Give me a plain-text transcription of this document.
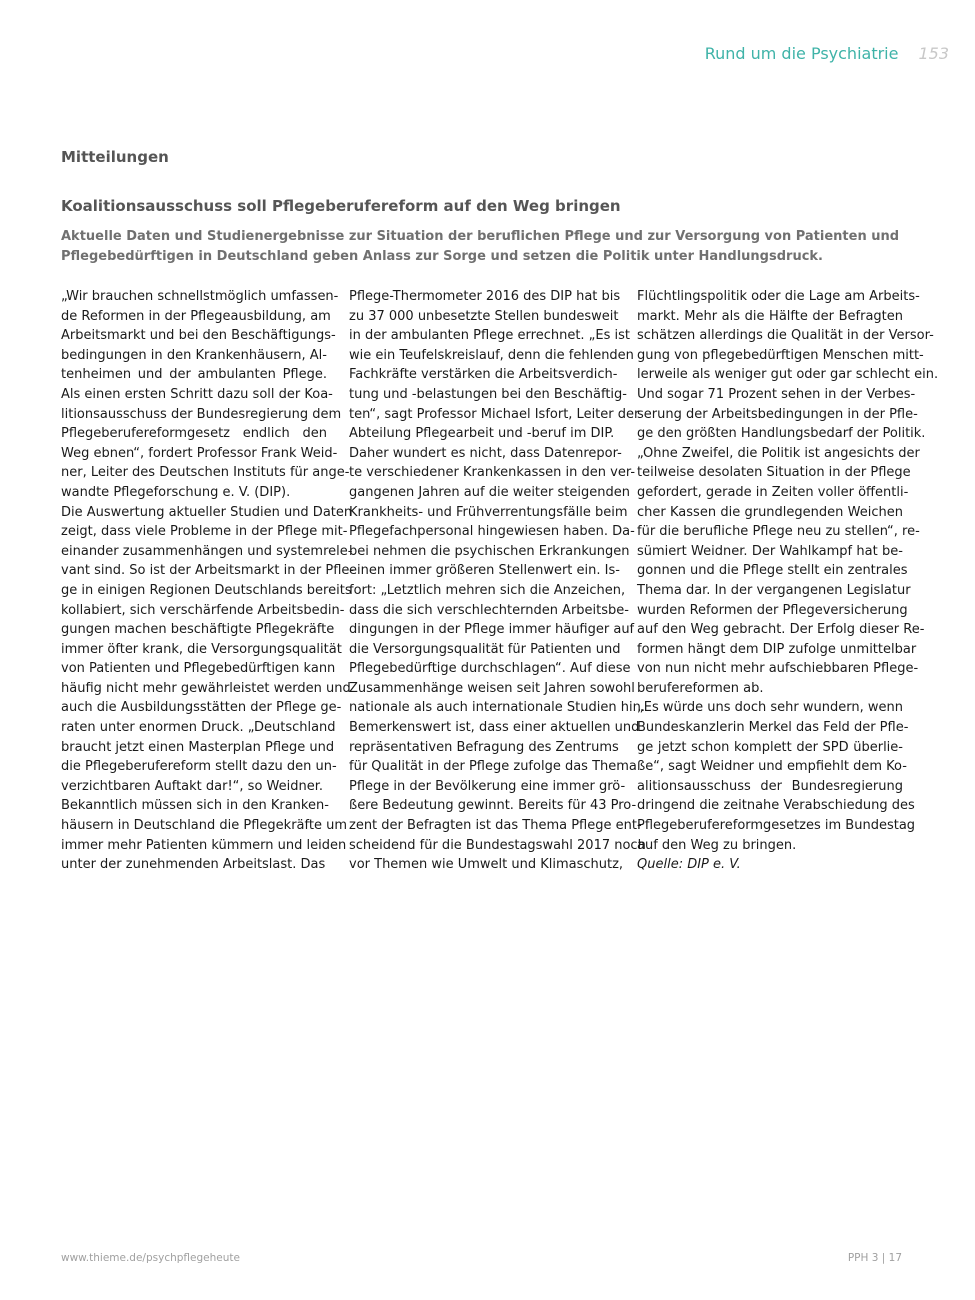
Rund um die Psychiatrie 153
Mitteilungen
Koalitionsausschuss soll Pflegeberufereform auf den Weg bringen

Aktuelle Daten und Studienergebnisse zur Situation der beruflichen Pflege und zur Versorgung von Patienten und Pflegebedürftigen in Deutschland geben Anlass zur Sorge und setzen die Politik unter Handlungsdruck.

„Wir brauchen schnellstmöglich umfassen-
de Reformen in der Pflegeausbildung, am
Arbeitsmarkt und bei den Beschäftigungs-
bedingungen in den Krankenhäusern, Al-
tenheimen und der ambulanten Pflege.
Als einen ersten Schritt dazu soll der Koa-
litionsausschuss der Bundesregierung dem
Pflegeberufereformgesetz endlich den
Weg ebnen“, fordert Professor Frank Weid-
ner, Leiter des Deutschen Instituts für ange-
wandte Pflegeforschung e. V. (DIP).
Die Auswertung aktueller Studien und Daten
zeigt, dass viele Probleme in der Pflege mit-
einander zusammenhängen und systemrele-
vant sind. So ist der Arbeitsmarkt in der Pfle-
ge in einigen Regionen Deutschlands bereits
kollabiert, sich verschärfende Arbeitsbedin-
gungen machen beschäftigte Pflegekräfte
immer öfter krank, die Versorgungsqualität
von Patienten und Pflegebedürftigen kann
häufig nicht mehr gewährleistet werden und
auch die Ausbildungsstätten der Pflege ge-
raten unter enormen Druck. „Deutschland
braucht jetzt einen Masterplan Pflege und
die Pflegeberufereform stellt dazu den un-
verzichtbaren Auftakt dar!“, so Weidner.
Bekanntlich müssen sich in den Kranken-
häusern in Deutschland die Pflegekräfte um
immer mehr Patienten kümmern und leiden
unter der zunehmenden Arbeitslast. Das
Pflege-Thermometer 2016 des DIP hat bis
zu 37 000 unbesetzte Stellen bundesweit
in der ambulanten Pflege errechnet. „Es ist
wie ein Teufelskreislauf, denn die fehlenden
Fachkräfte verstärken die Arbeitsverdich-
tung und -belastungen bei den Beschäftig-
ten“, sagt Professor Michael Isfort, Leiter der
Abteilung Pflegearbeit und -beruf im DIP.
Daher wundert es nicht, dass Datenrepor-
te verschiedener Krankenkassen in den ver-
gangenen Jahren auf die weiter steigenden
Krankheits- und Frühverrentungsfälle beim
Pflegefachpersonal hingewiesen haben. Da-
bei nehmen die psychischen Erkrankungen
einen immer größeren Stellenwert ein. Is-
fort: „Letztlich mehren sich die Anzeichen,
dass die sich verschlechternden Arbeitsbe-
dingungen in der Pflege immer häufiger auf
die Versorgungsqualität für Patienten und
Pflegebedürftige durchschlagen“. Auf diese
Zusammenhänge weisen seit Jahren sowohl
nationale als auch internationale Studien hin.
Bemerkenswert ist, dass einer aktuellen und
repräsentativen Befragung des Zentrums
für Qualität in der Pflege zufolge das Thema
Pflege in der Bevölkerung eine immer grö-
ßere Bedeutung gewinnt. Bereits für 43 Pro-
zent der Befragten ist das Thema Pflege ent-
scheidend für die Bundestagswahl 2017 noch
vor Themen wie Umwelt und Klimaschutz,
Flüchtlingspolitik oder die Lage am Arbeits-
markt. Mehr als die Hälfte der Befragten
schätzen allerdings die Qualität in der Versor-
gung von pflegebedürftigen Menschen mitt-
lerweile als weniger gut oder gar schlecht ein.
Und sogar 71 Prozent sehen in der Verbes-
serung der Arbeitsbedingungen in der Pfle-
ge den größten Handlungsbedarf der Politik.
„Ohne Zweifel, die Politik ist angesichts der
teilweise desolaten Situation in der Pflege
gefordert, gerade in Zeiten voller öffentli-
cher Kassen die grundlegenden Weichen
für die berufliche Pflege neu zu stellen“, re-
sümiert Weidner. Der Wahlkampf hat be-
gonnen und die Pflege stellt ein zentrales
Thema dar. In der vergangenen Legislatur
wurden Reformen der Pflegeversicherung
auf den Weg gebracht. Der Erfolg dieser Re-
formen hängt dem DIP zufolge unmittelbar
von nun nicht mehr aufschiebbaren Pflege-
berufereformen ab.
„Es würde uns doch sehr wundern, wenn
Bundeskanzlerin Merkel das Feld der Pfle-
ge jetzt schon komplett der SPD überlie-
ße“, sagt Weidner und empfiehlt dem Ko-
alitionsausschuss der Bundesregierung
dringend die zeitnahe Verabschiedung des
Pflegeberufereformgesetzes im Bundestag
auf den Weg zu bringen.
Quelle: DIP e. V.
www.thieme.de/psychpflegeheute	PPH 3 | 17
